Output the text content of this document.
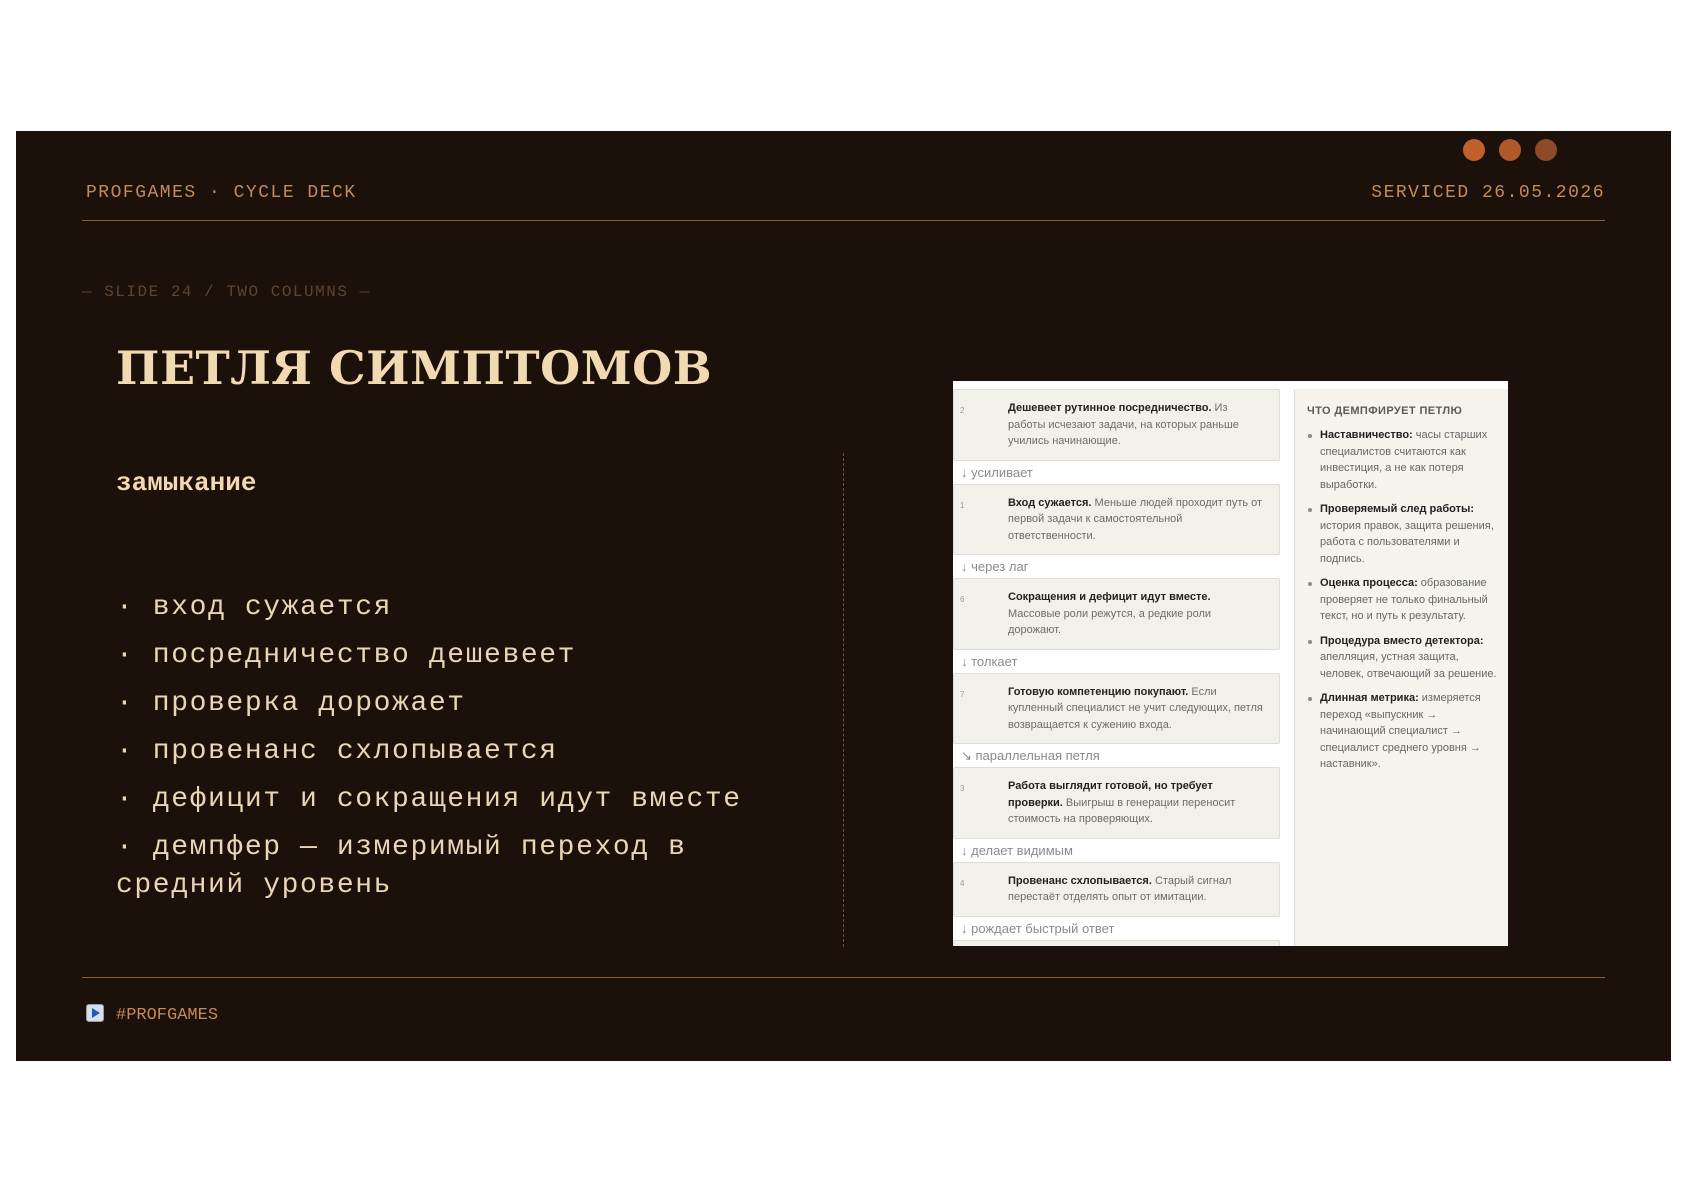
PROFGAMES · CYCLE DECK	SERVICED 26.05.2026
— SLIDE 24 / TWO COLUMNS —
ПЕТЛЯ СИМПТОМОВ
замыкание
· вход сужается
· посредничество дешевеет
· проверка дорожает
· провенанс схлопывается
· дефицит и сокращения идут вместе
· демпфер — измеримый переход в средний уровень
2	Дешевеет рутинное посредничество. Из работы исчезают задачи, на которых раньше учились начинающие.
↓ усиливает
1	Вход сужается. Меньше людей проходит путь от первой задачи к самостоятельной ответственности.
↓ через лаг
6	Сокращения и дефицит идут вместе. Массовые роли режутся, а редкие роли дорожают.
↓ толкает
7	Готовую компетенцию покупают. Если купленный специалист не учит следующих, петля возвращается к сужению входа.
↘ параллельная петля
3	Работа выглядит готовой, но требует проверки. Выигрыш в генерации переносит стоимость на проверяющих.
↓ делает видимым
4	Провенанс схлопывается. Старый сигнал перестаёт отделять опыт от имитации.
↓ рождает быстрый ответ
ЧТО ДЕМПФИРУЕТ ПЕТЛЮ
Наставничество: часы старших специалистов считаются как инвестиция, а не как потеря выработки.
Проверяемый след работы: история правок, защита решения, работа с пользователями и подпись.
Оценка процесса: образование проверяет не только финальный текст, но и путь к результату.
Процедура вместо детектора: апелляция, устная защита, человек, отвечающий за решение.
Длинная метрика: измеряется переход «выпускник → начинающий специалист → специалист среднего уровня → наставник».
#PROFGAMES
